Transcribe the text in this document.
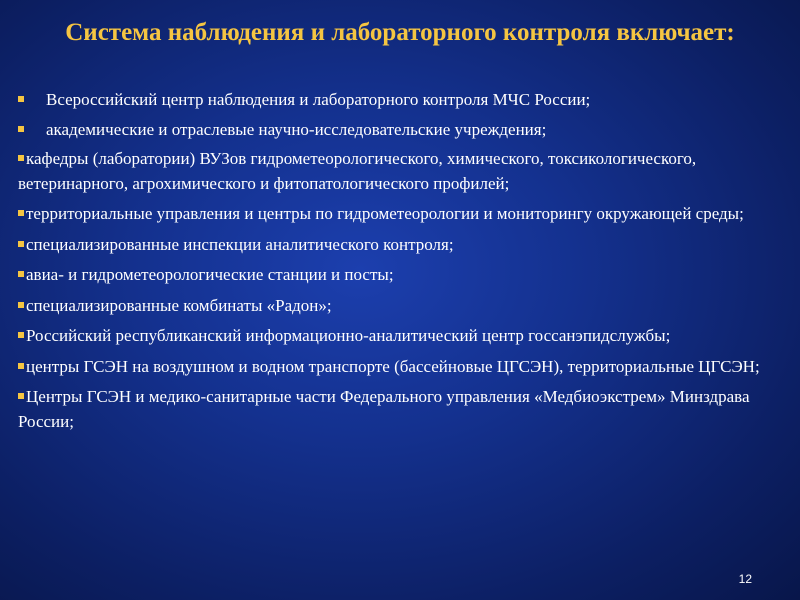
Система наблюдения и лабораторного контроля включает:
Всероссийский центр наблюдения и лабораторного контроля МЧС России;
академические и отраслевые научно-исследовательские учреждения;
кафедры (лаборатории) ВУЗов гидрометеорологического, химического, токсикологического, ветеринарного, агрохимического и фитопатологического профилей;
территориальные управления и центры по гидрометеорологии и мониторингу окружающей среды;
специализированные инспекции аналитического контроля;
авиа- и гидрометеорологические станции и посты;
специализированные комбинаты «Радон»;
Российский республиканский информационно-аналитический центр госсанэпидслужбы;
центры ГСЭН на воздушном и водном транспорте (бассейновые ЦГСЭН), территориальные ЦГСЭН;
Центры ГСЭН и медико-санитарные части Федерального управления «Медбиоэкстрем» Минздрава России;
12
